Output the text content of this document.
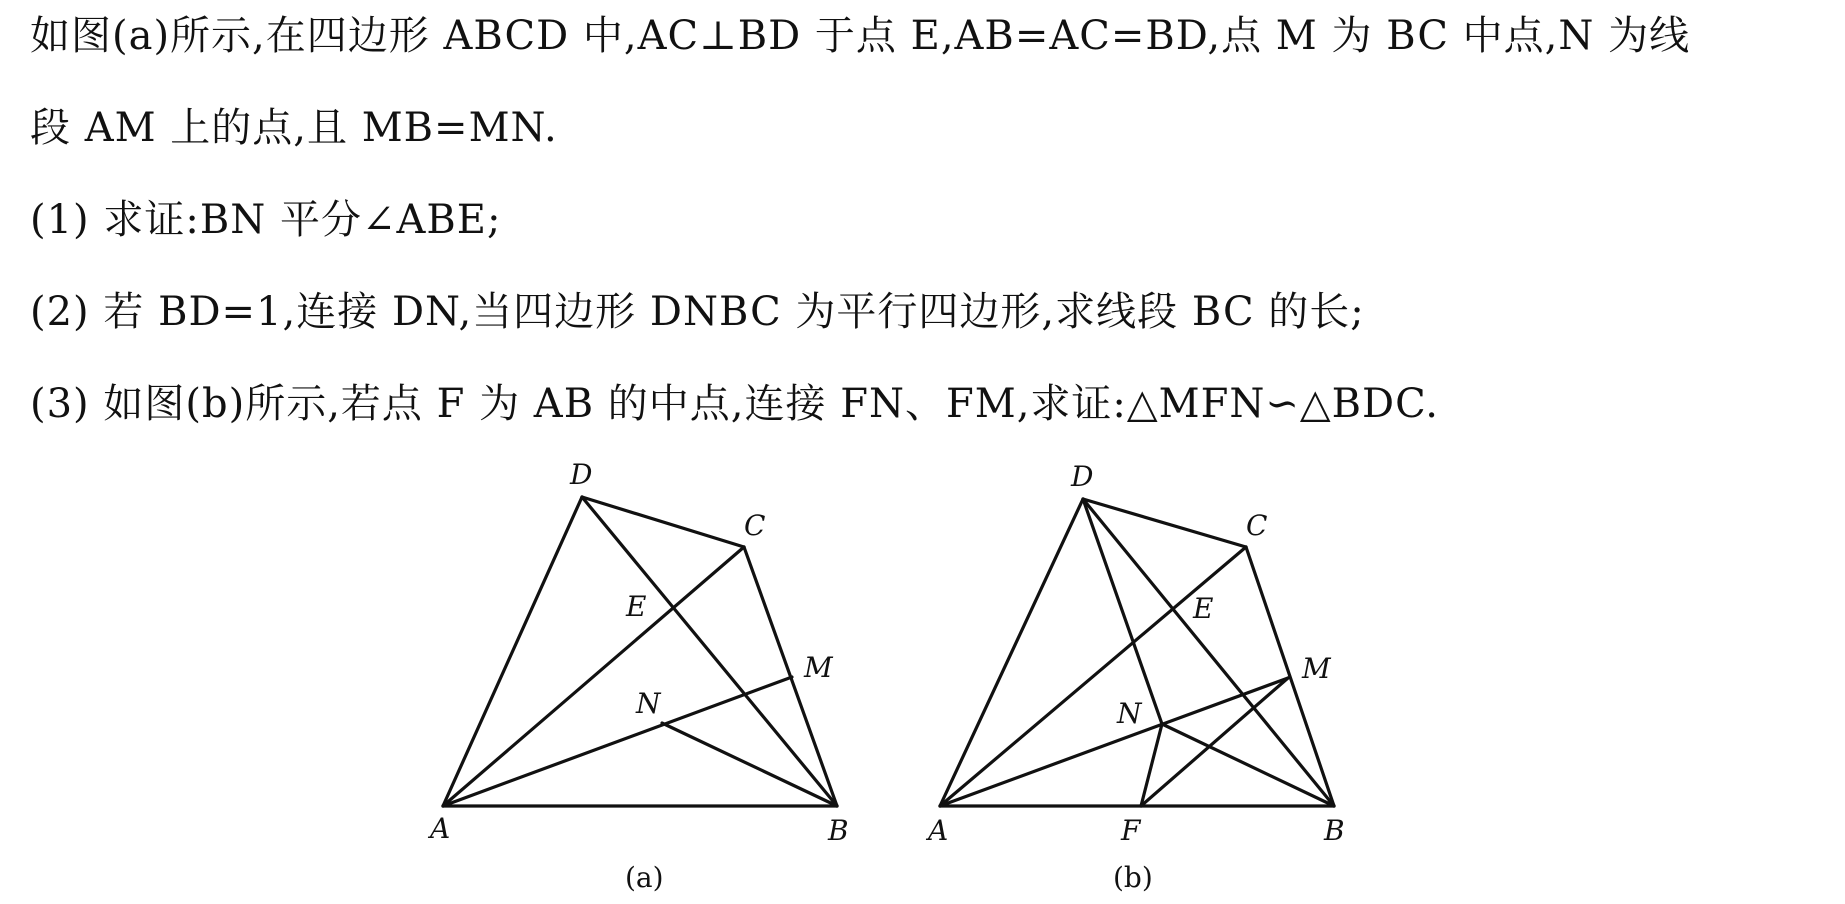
如图(a)所示,在四边形 ABCD 中,AC⊥BD 于点 E,AB=AC=BD,点 M 为 BC 中点,N 为线
段 AM 上的点,且 MB=MN.
(1) 求证:BN 平分∠ABE;
(2) 若 BD=1,连接 DN,当四边形 DNBC 为平行四边形,求线段 BC 的长;
(3) 如图(b)所示,若点 F 为 AB 的中点,连接 FN、FM,求证:△MFN∽△BDC.
D
C
E
M
N
A	B
(a)
D
C
E
M
N
A	F	B
(b)
